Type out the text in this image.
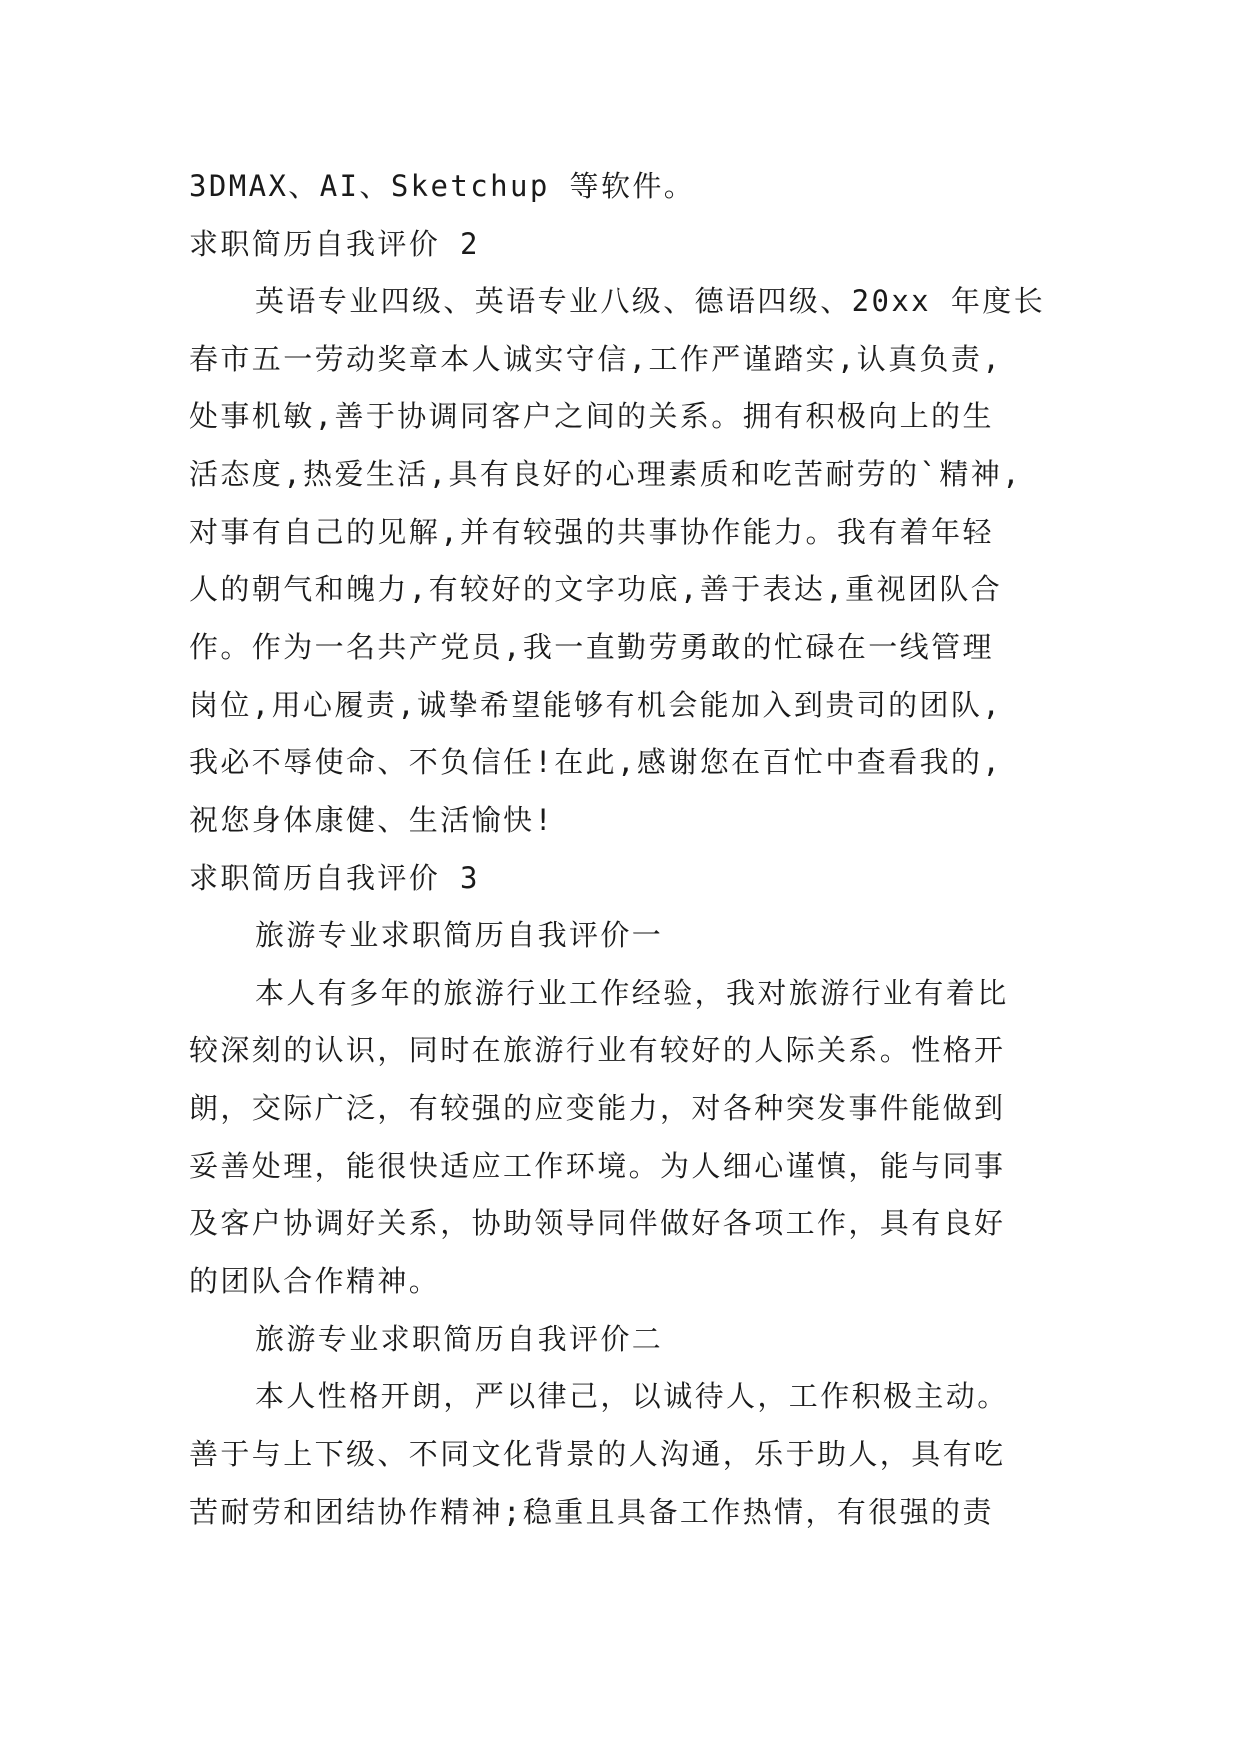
3DMAX、AI、Sketchup 等软件。
求职简历自我评价 2
英语专业四级、英语专业八级、德语四级、20xx 年度长
春市五一劳动奖章本人诚实守信,工作严谨踏实,认真负责,
处事机敏,善于协调同客户之间的关系。拥有积极向上的生
活态度,热爱生活,具有良好的心理素质和吃苦耐劳的`精神,
对事有自己的见解,并有较强的共事协作能力。我有着年轻
人的朝气和魄力,有较好的文字功底,善于表达,重视团队合
作。作为一名共产党员,我一直勤劳勇敢的忙碌在一线管理
岗位,用心履责,诚挚希望能够有机会能加入到贵司的团队,
我必不辱使命、不负信任!在此,感谢您在百忙中查看我的,
祝您身体康健、生活愉快!
求职简历自我评价 3
旅游专业求职简历自我评价一
本人有多年的旅游行业工作经验，我对旅游行业有着比
较深刻的认识，同时在旅游行业有较好的人际关系。性格开
朗，交际广泛，有较强的应变能力，对各种突发事件能做到
妥善处理，能很快适应工作环境。为人细心谨慎，能与同事
及客户协调好关系，协助领导同伴做好各项工作，具有良好
的团队合作精神。
旅游专业求职简历自我评价二
本人性格开朗，严以律己，以诚待人，工作积极主动。
善于与上下级、不同文化背景的人沟通，乐于助人，具有吃
苦耐劳和团结协作精神;稳重且具备工作热情，有很强的责
